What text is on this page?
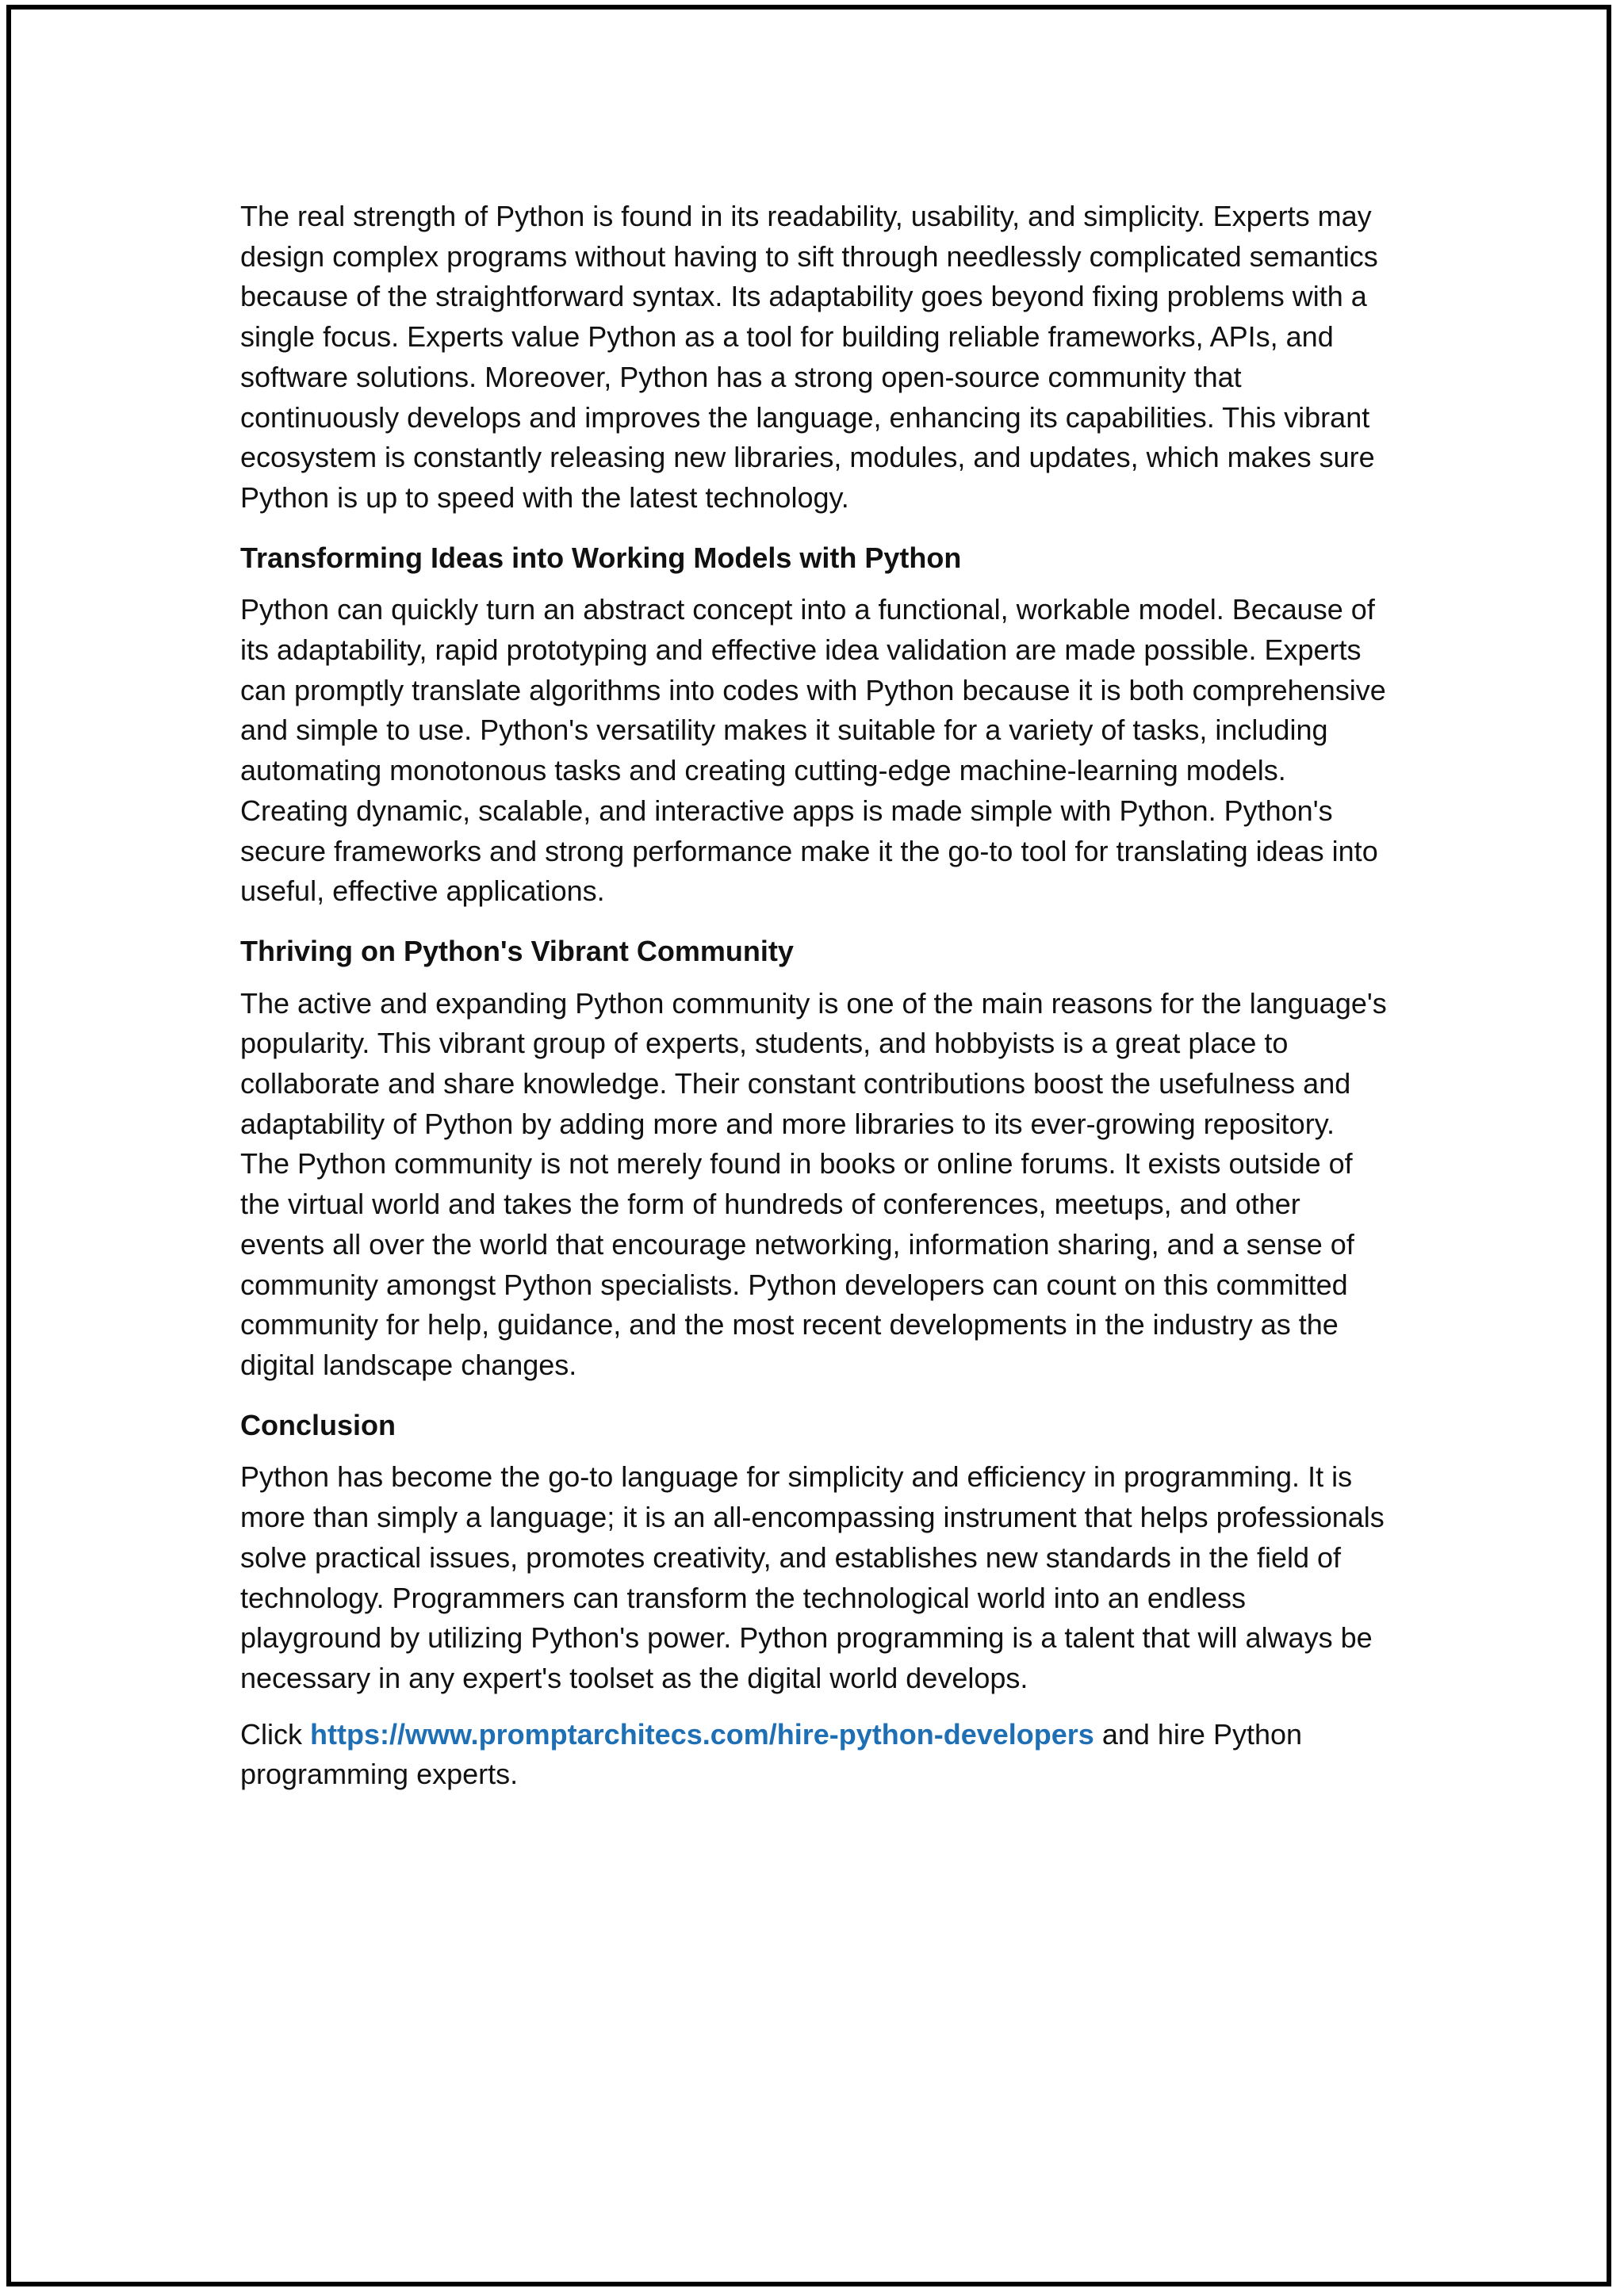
The real strength of Python is found in its readability, usability, and simplicity. Experts may design complex programs without having to sift through needlessly complicated semantics because of the straightforward syntax. Its adaptability goes beyond fixing problems with a single focus. Experts value Python as a tool for building reliable frameworks, APIs, and software solutions. Moreover, Python has a strong open-source community that continuously develops and improves the language, enhancing its capabilities. This vibrant ecosystem is constantly releasing new libraries, modules, and updates, which makes sure Python is up to speed with the latest technology.

Transforming Ideas into Working Models with Python

Python can quickly turn an abstract concept into a functional, workable model. Because of its adaptability, rapid prototyping and effective idea validation are made possible. Experts can promptly translate algorithms into codes with Python because it is both comprehensive and simple to use. Python's versatility makes it suitable for a variety of tasks, including automating monotonous tasks and creating cutting-edge machine-learning models. Creating dynamic, scalable, and interactive apps is made simple with Python. Python's secure frameworks and strong performance make it the go-to tool for translating ideas into useful, effective applications.

Thriving on Python's Vibrant Community

The active and expanding Python community is one of the main reasons for the language's popularity. This vibrant group of experts, students, and hobbyists is a great place to collaborate and share knowledge. Their constant contributions boost the usefulness and adaptability of Python by adding more and more libraries to its ever-growing repository. The Python community is not merely found in books or online forums. It exists outside of the virtual world and takes the form of hundreds of conferences, meetups, and other events all over the world that encourage networking, information sharing, and a sense of community amongst Python specialists. Python developers can count on this committed community for help, guidance, and the most recent developments in the industry as the digital landscape changes.

Conclusion

Python has become the go-to language for simplicity and efficiency in programming. It is more than simply a language; it is an all-encompassing instrument that helps professionals solve practical issues, promotes creativity, and establishes new standards in the field of technology. Programmers can transform the technological world into an endless playground by utilizing Python's power. Python programming is a talent that will always be necessary in any expert's toolset as the digital world develops.

Click https://www.promptarchitecs.com/hire-python-developers and hire Python programming experts.
